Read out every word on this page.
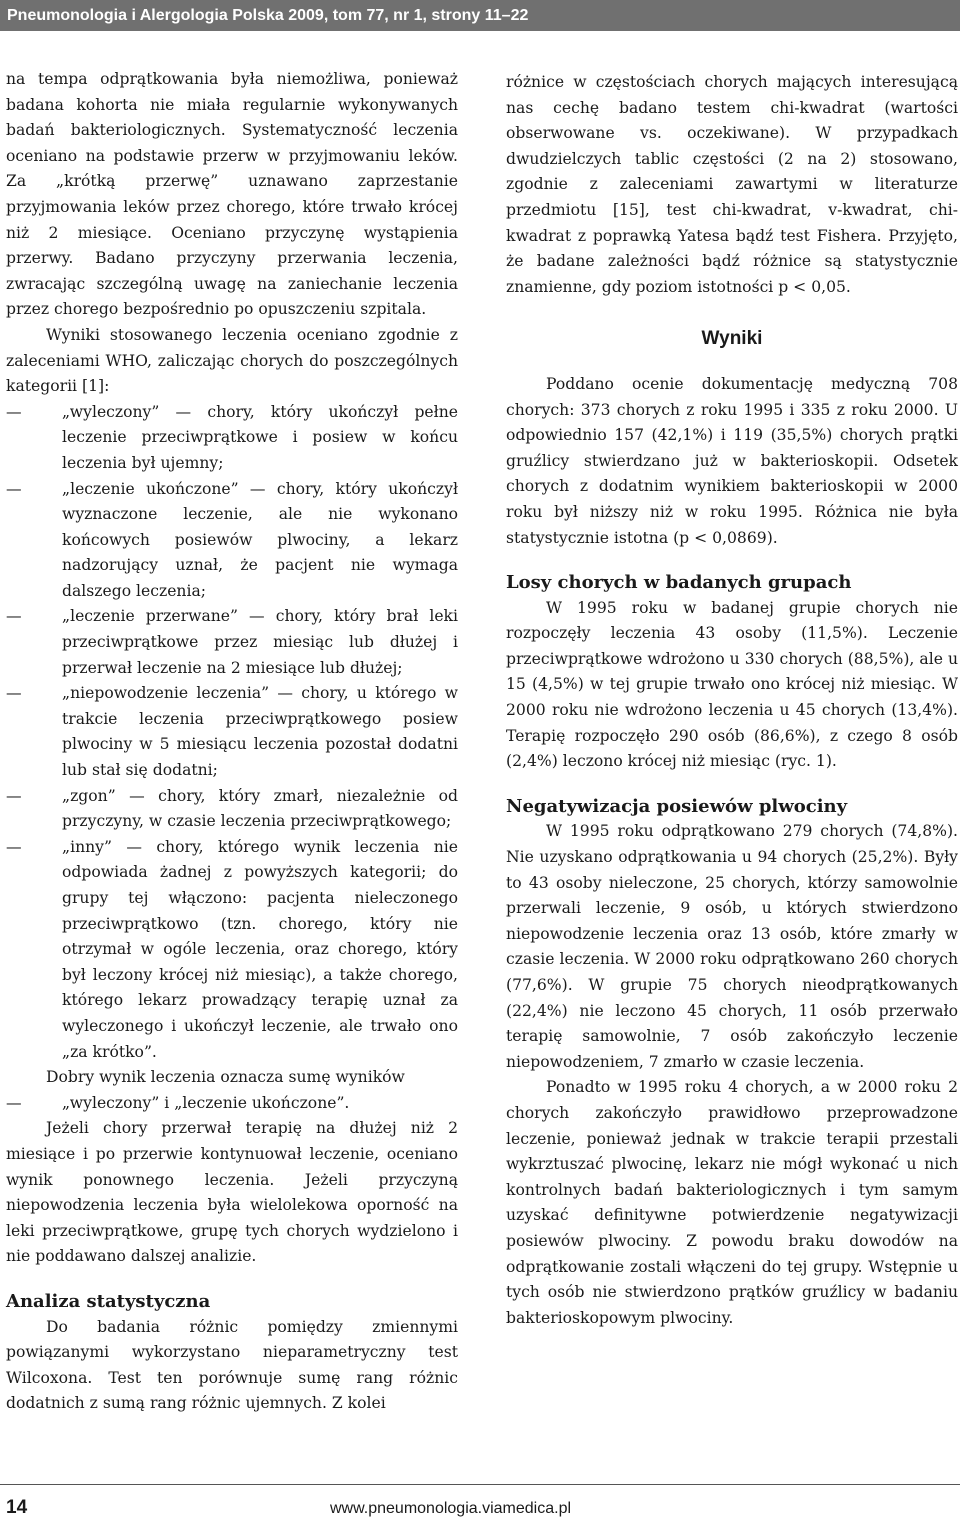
Pneumonologia i Alergologia Polska 2009, tom 77, nr 1, strony 11–22

na tempa odprątkowania była niemożliwa, ponieważ badana kohorta nie miała regularnie wykonywanych badań bakteriologicznych. Systematyczność leczenia oceniano na podstawie przerw w przyjmowaniu leków. Za „krótką przerwę” uznawano zaprzestanie przyjmowania leków przez chorego, które trwało krócej niż 2 miesiące. Oceniano przyczynę wystąpienia przerwy. Badano przyczyny przerwania leczenia, zwracając szczególną uwagę na zaniechanie leczenia przez chorego bezpośrednio po opuszczeniu szpitala.

Wyniki stosowanego leczenia oceniano zgodnie z zaleceniami WHO, zaliczając chorych do poszczególnych kategorii [1]:

— „wyleczony” — chory, który ukończył pełne leczenie przeciwprątkowe i posiew w końcu leczenia był ujemny;
— „leczenie ukończone” — chory, który ukończył wyznaczone leczenie, ale nie wykonano końcowych posiewów plwociny, a lekarz nadzorujący uznał, że pacjent nie wymaga dalszego leczenia;
— „leczenie przerwane” — chory, który brał leki przeciwprątkowe przez miesiąc lub dłużej i przerwał leczenie na 2 miesiące lub dłużej;
— „niepowodzenie leczenia” — chory, u którego w trakcie leczenia przeciwprątkowego posiew plwociny w 5 miesiącu leczenia pozostał dodatni lub stał się dodatni;
— „zgon” — chory, który zmarł, niezależnie od przyczyny, w czasie leczenia przeciwprątkowego;
— „inny” — chory, którego wynik leczenia nie odpowiada żadnej z powyższych kategorii; do grupy tej włączono: pacjenta nieleczonego przeciwprątkowo (tzn. chorego, który nie otrzymał w ogóle leczenia, oraz chorego, który był leczony krócej niż miesiąc), a także chorego, którego lekarz prowadzący terapię uznał za wyleczonego i ukończył leczenie, ale trwało ono „za krótko”.

Dobry wynik leczenia oznacza sumę wyników

— „wyleczony” i „leczenie ukończone”.

Jeżeli chory przerwał terapię na dłużej niż 2 miesiące i po przerwie kontynuował leczenie, oceniano wynik ponownego leczenia. Jeżeli przyczyną niepowodzenia leczenia była wielolekowa oporność na leki przeciwprątkowe, grupę tych chorych wydzielono i nie poddawano dalszej analizie.

Analiza statystyczna

Do badania różnic pomiędzy zmiennymi powiązanymi wykorzystano nieparametryczny test Wilcoxona. Test ten porównuje sumę rang różnic dodatnich z sumą rang różnic ujemnych. Z kolei

różnice w częstościach chorych mających interesującą nas cechę badano testem chi-kwadrat (wartości obserwowane vs. oczekiwane). W przypadkach dwudzielczych tablic częstości (2 na 2) stosowano, zgodnie z zaleceniami zawartymi w literaturze przedmiotu [15], test chi-kwadrat, v-kwadrat, chi-kwadrat z poprawką Yatesa bądź test Fishera. Przyjęto, że badane zależności bądź różnice są statystycznie znamienne, gdy poziom istotności p < 0,05.

Wyniki

Poddano ocenie dokumentację medyczną 708 chorych: 373 chorych z roku 1995 i 335 z roku 2000. U odpowiednio 157 (42,1%) i 119 (35,5%) chorych prątki gruźlicy stwierdzano już w bakterioskopii. Odsetek chorych z dodatnim wynikiem bakterioskopii w 2000 roku był niższy niż w roku 1995. Różnica nie była statystycznie istotna (p < 0,0869).

Losy chorych w badanych grupach

W 1995 roku w badanej grupie chorych nie rozpoczęły leczenia 43 osoby (11,5%). Leczenie przeciwprątkowe wdrożono u 330 chorych (88,5%), ale u 15 (4,5%) w tej grupie trwało ono krócej niż miesiąc. W 2000 roku nie wdrożono leczenia u 45 chorych (13,4%). Terapię rozpoczęło 290 osób (86,6%), z czego 8 osób (2,4%) leczono krócej niż miesiąc (ryc. 1).

Negatywizacja posiewów plwociny

W 1995 roku odprątkowano 279 chorych (74,8%). Nie uzyskano odprątkowania u 94 chorych (25,2%). Były to 43 osoby nieleczone, 25 chorych, którzy samowolnie przerwali leczenie, 9 osób, u których stwierdzono niepowodzenie leczenia oraz 13 osób, które zmarły w czasie leczenia. W 2000 roku odprątkowano 260 chorych (77,6%). W grupie 75 chorych nieodprątkowanych (22,4%) nie leczono 45 chorych, 11 osób przerwało terapię samowolnie, 7 osób zakończyło leczenie niepowodzeniem, 7 zmarło w czasie leczenia.

Ponadto w 1995 roku 4 chorych, a w 2000 roku 2 chorych zakończyło prawidłowo przeprowadzone leczenie, ponieważ jednak w trakcie terapii przestali wykrztuszać plwocinę, lekarz nie mógł wykonać u nich kontrolnych badań bakteriologicznych i tym samym uzyskać definitywne potwierdzenie negatywizacji posiewów plwociny. Z powodu braku dowodów na odprątkowanie zostali włączeni do tej grupy. Wstępnie u tych osób nie stwierdzono prątków gruźlicy w badaniu bakterioskopowym plwociny.

14	www.pneumonologia.viamedica.pl
